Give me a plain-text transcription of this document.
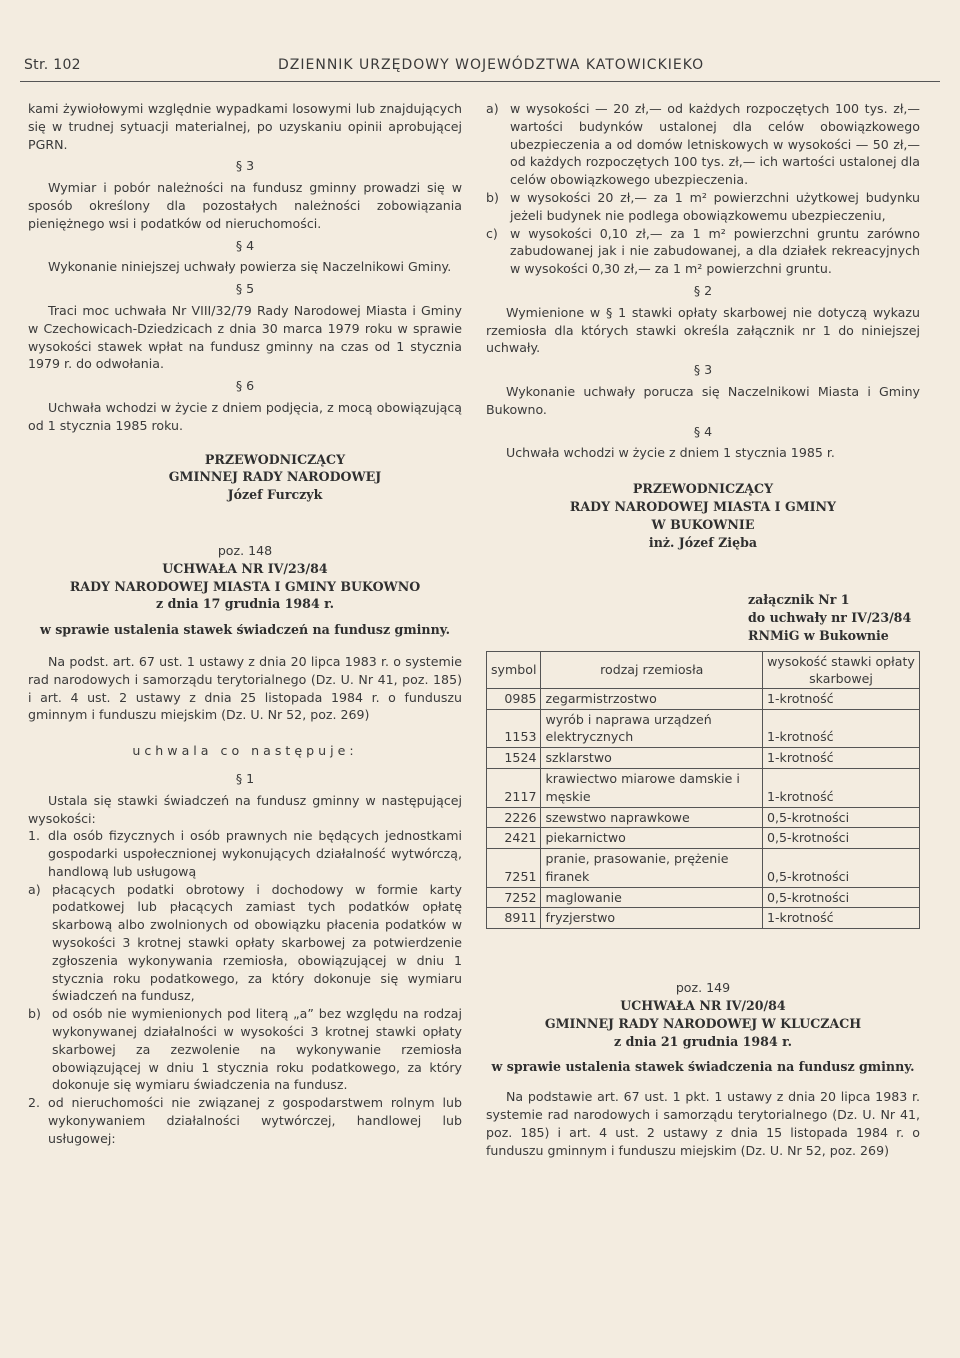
Str. 102	DZIENNIK URZĘDOWY WOJEWÓDZTWA KATOWICKIEKO

kami żywiołowymi względnie wypadkami losowymi lub znajdujących się w trudnej sytuacji materialnej, po uzyskaniu opinii aprobującej PGRN.

§ 3

Wymiar i pobór należności na fundusz gminny prowadzi się w sposób określony dla pozostałych należności zobowiązania pieniężnego wsi i podatków od nieruchomości.

§ 4

Wykonanie niniejszej uchwały powierza się Naczelnikowi Gminy.

§ 5

Traci moc uchwała Nr VIII/32/79 Rady Narodowej Miasta i Gminy w Czechowicach-Dziedzicach z dnia 30 marca 1979 roku w sprawie wysokości stawek wpłat na fundusz gminny na czas od 1 stycznia 1979 r. do odwołania.

§ 6

Uchwała wchodzi w życie z dniem podjęcia, z mocą obowiązującą od 1 stycznia 1985 roku.

PRZEWODNICZĄCY
GMINNEJ RADY NARODOWEJ
Józef Furczyk
poz. 148
UCHWAŁA NR IV/23/84
RADY NARODOWEJ MIASTA I GMINY BUKOWNO
z dnia 17 grudnia 1984 r.
w sprawie ustalenia stawek świadczeń na fundusz gminny.

Na podst. art. 67 ust. 1 ustawy z dnia 20 lipca 1983 r. o systemie rad narodowych i samorządu terytorialnego (Dz. U. Nr 41, poz. 185) i art. 4 ust. 2 ustawy z dnia 25 listopada 1984 r. o funduszu gminnym i funduszu miejskim (Dz. U. Nr 52, poz. 269)

uchwala co następuje:
§ 1

Ustala się stawki świadczeń na fundusz gminny w następującej wysokości:

1. dla osób fizycznych i osób prawnych nie będących jednostkami gospodarki uspołecznionej wykonujących działalność wytwórczą, handlową lub usługową
a) płacących podatki obrotowy i dochodowy w formie karty podatkowej lub płacących zamiast tych podatków opłatę skarbową albo zwolnionych od obowiązku płacenia podatków w wysokości 3 krotnej stawki opłaty skarbowej za potwierdzenie zgłoszenia wykonywania rzemiosła, obowiązującej w dniu 1 stycznia roku podatkowego, za który dokonuje się wymiaru świadczeń na fundusz,
b) od osób nie wymienionych pod literą „a” bez względu na rodzaj wykonywanej działalności w wysokości 3 krotnej stawki opłaty skarbowej za zezwolenie na wykonywanie rzemiosła obowiązującej w dniu 1 stycznia roku podatkowego, za który dokonuje się wymiaru świadczenia na fundusz.
2. od nieruchomości nie związanej z gospodarstwem rolnym lub wykonywaniem działalności wytwórczej, handlowej lub usługowej:
a) w wysokości — 20 zł,— od każdych rozpoczętych 100 tys. zł,— wartości budynków ustalonej dla celów obowiązkowego ubezpieczenia a od domów letniskowych w wysokości — 50 zł,— od każdych rozpoczętych 100 tys. zł,— ich wartości ustalonej dla celów obowiązkowego ubezpieczenia.
b) w wysokości 20 zł,— za 1 m² powierzchni użytkowej budynku jeżeli budynek nie podlega obowiązkowemu ubezpieczeniu,
c) w wysokości 0,10 zł,— za 1 m² powierzchni gruntu zarówno zabudowanej jak i nie zabudowanej, a dla działek rekreacyjnych w wysokości 0,30 zł,— za 1 m² powierzchni gruntu.
§ 2

Wymienione w § 1 stawki opłaty skarbowej nie dotyczą wykazu rzemiosła dla których stawki określa załącznik nr 1 do niniejszej uchwały.

§ 3

Wykonanie uchwały porucza się Naczelnikowi Miasta i Gminy Bukowno.

§ 4

Uchwała wchodzi w życie z dniem 1 stycznia 1985 r.

PRZEWODNICZĄCY
RADY NARODOWEJ MIASTA I GMINY
W BUKOWNIE
inż. Józef Zięba
załącznik Nr 1
do uchwały nr IV/23/84
RNMiG w Bukownie
symbol	rodzaj rzemiosła	wysokość stawki opłaty skarbowej
0985	zegarmistrzostwo	1-krotność
1153	wyrób i naprawa urządzeń elektrycznych	1-krotność
1524	szklarstwo	1-krotność
2117	krawiectwo miarowe damskie i męskie	1-krotność
2226	szewstwo naprawkowe	0,5-krotności
2421	piekarnictwo	0,5-krotności
7251	pranie, prasowanie, prężenie firanek	0,5-krotności
7252	maglowanie	0,5-krotności
8911	fryzjerstwo	1-krotność
poz. 149
UCHWAŁA NR IV/20/84
GMINNEJ RADY NARODOWEJ W KLUCZACH
z dnia 21 grudnia 1984 r.
w sprawie ustalenia stawek świadczenia na fundusz gminny.

Na podstawie art. 67 ust. 1 pkt. 1 ustawy z dnia 20 lipca 1983 r. systemie rad narodowych i samorządu terytorialnego (Dz. U. Nr 41, poz. 185) i art. 4 ust. 2 ustawy z dnia 15 listopada 1984 r. o funduszu gminnym i funduszu miejskim (Dz. U. Nr 52, poz. 269)
